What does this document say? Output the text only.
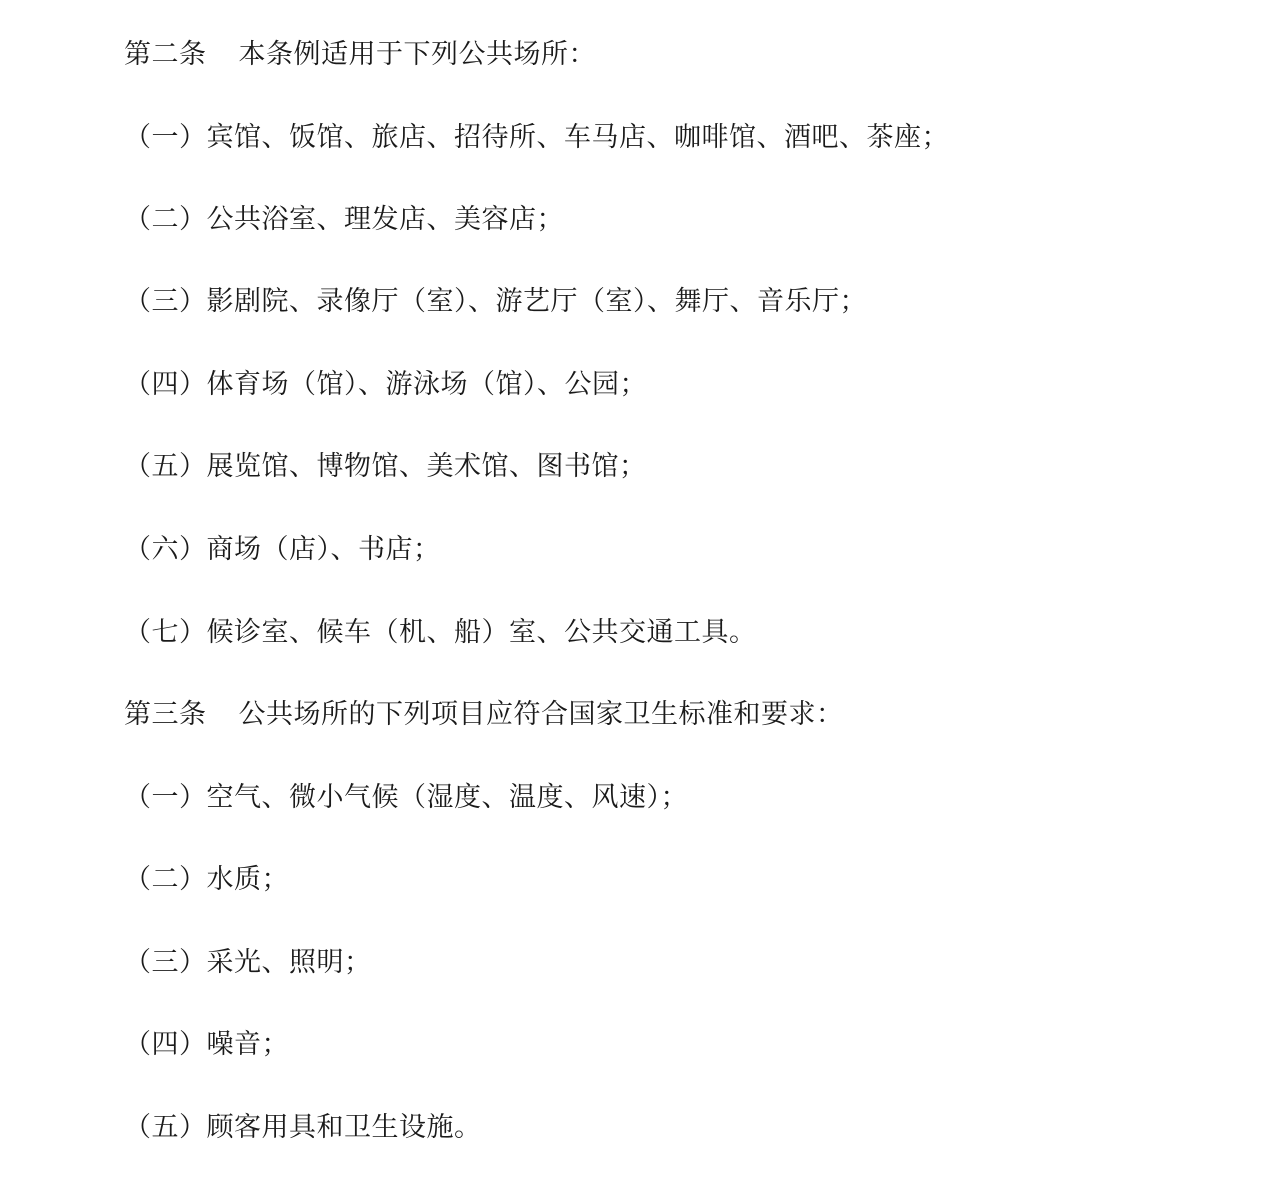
第二条 本条例适用于下列公共场所：
（一）宾馆、饭馆、旅店、招待所、车马店、咖啡馆、酒吧、茶座；
（二）公共浴室、理发店、美容店；
（三）影剧院、录像厅（室）、游艺厅（室）、舞厅、音乐厅；
（四）体育场（馆）、游泳场（馆）、公园；
（五）展览馆、博物馆、美术馆、图书馆；
（六）商场（店）、书店；
（七）候诊室、候车（机、船）室、公共交通工具。
第三条 公共场所的下列项目应符合国家卫生标准和要求：
（一）空气、微小气候（湿度、温度、风速）；
（二）水质；
（三）采光、照明；
（四）噪音；
（五）顾客用具和卫生设施。
